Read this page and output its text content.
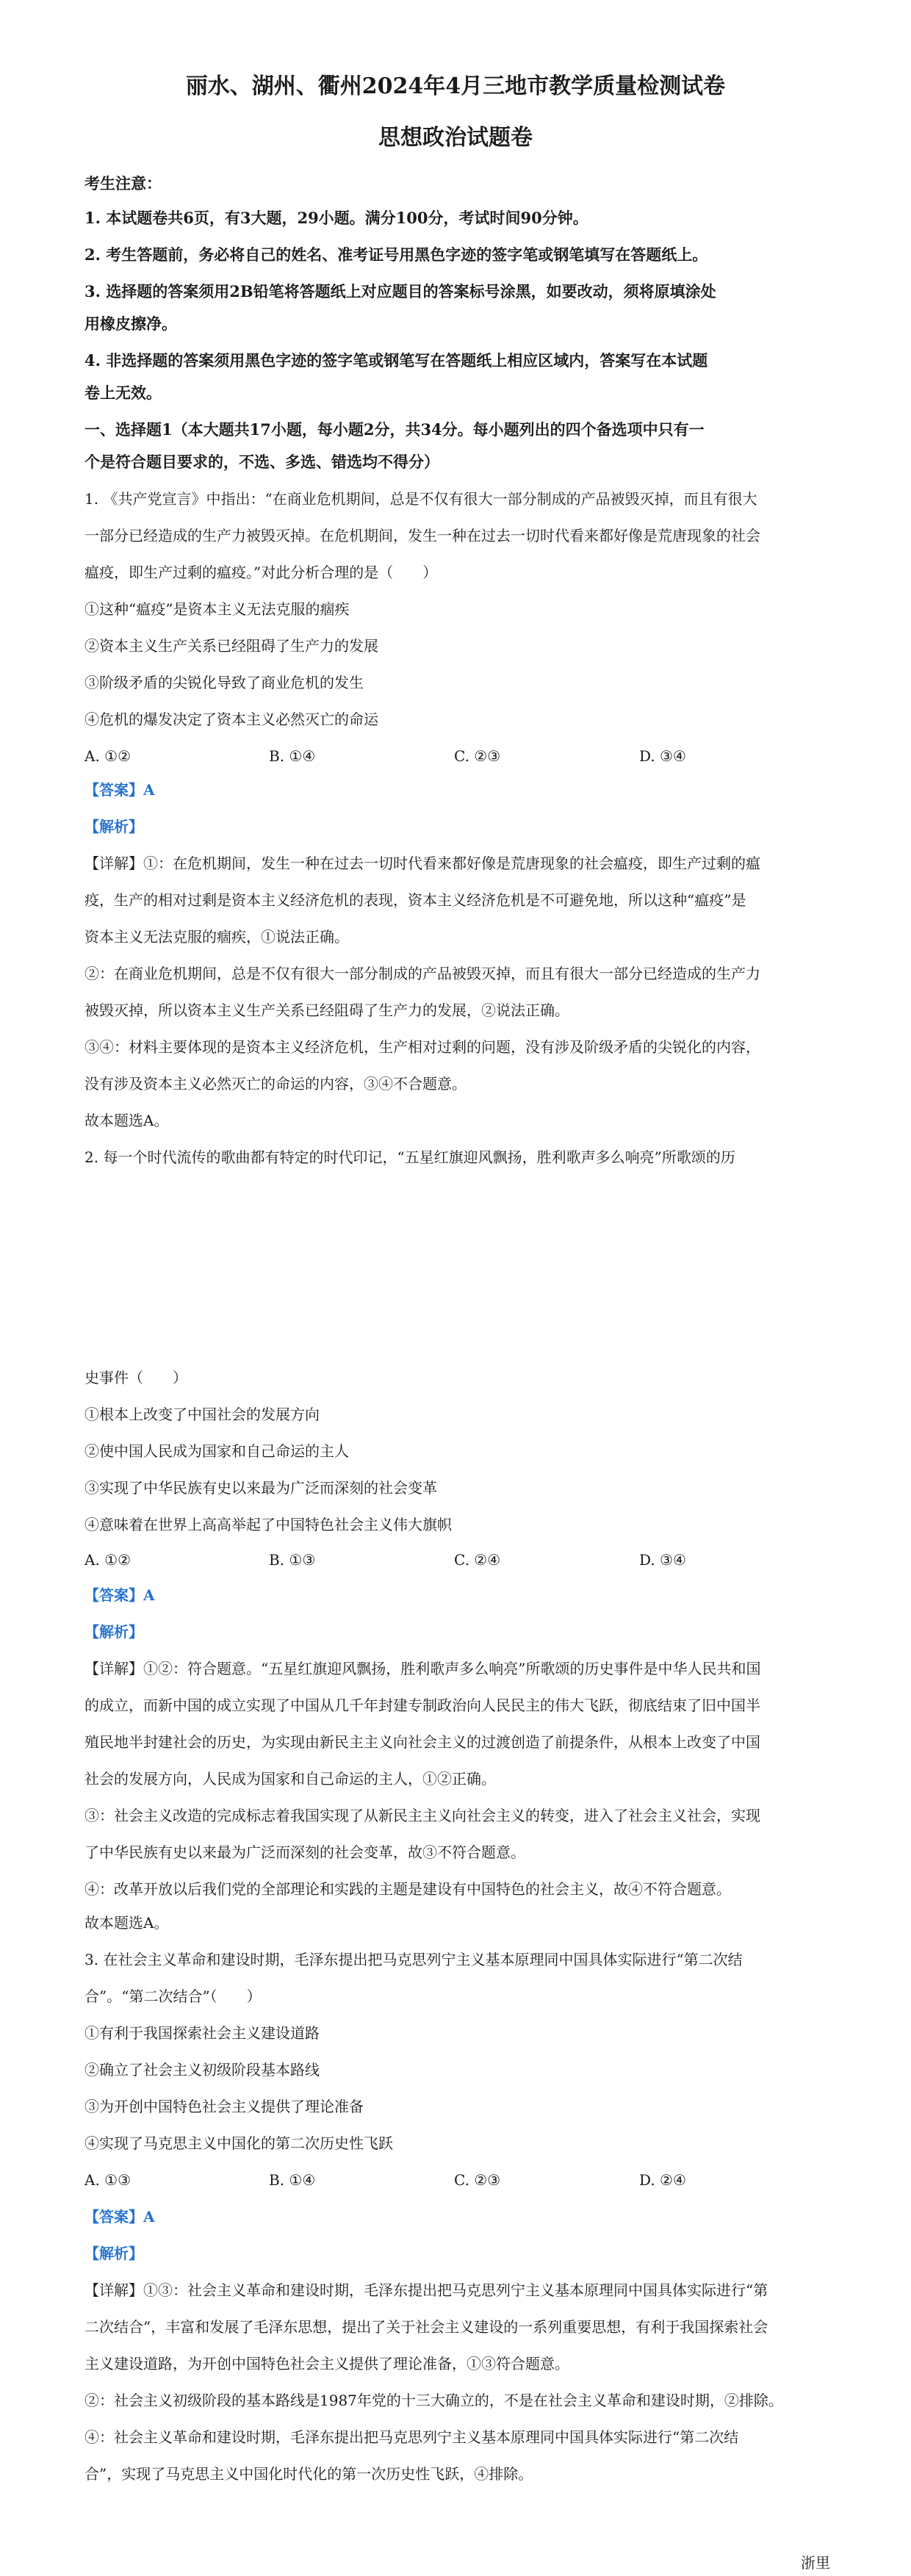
丽水、湖州、衢州2024年4月三地市教学质量检测试卷
思想政治试题卷
考生注意：
1. 本试题卷共6页，有3大题，29小题。满分100分，考试时间90分钟。
2. 考生答题前，务必将自己的姓名、准考证号用黑色字迹的签字笔或钢笔填写在答题纸上。
3. 选择题的答案须用2B铅笔将答题纸上对应题目的答案标号涂黑，如要改动，须将原填涂处
用橡皮擦净。
4. 非选择题的答案须用黑色字迹的签字笔或钢笔写在答题纸上相应区域内，答案写在本试题
卷上无效。
一、选择题1（本大题共17小题，每小题2分，共34分。每小题列出的四个备选项中只有一
个是符合题目要求的，不选、多选、错选均不得分）
1. 《共产党宣言》中指出：“在商业危机期间，总是不仅有很大一部分制成的产品被毁灭掉，而且有很大
一部分已经造成的生产力被毁灭掉。在危机期间，发生一种在过去一切时代看来都好像是荒唐现象的社会
瘟疫，即生产过剩的瘟疫。”对此分析合理的是（　　）
①这种“瘟疫”是资本主义无法克服的痼疾
②资本主义生产关系已经阻碍了生产力的发展
③阶级矛盾的尖锐化导致了商业危机的发生
④危机的爆发决定了资本主义必然灭亡的命运
A. ①②	B. ①④	C. ②③	D. ③④
【答案】A
【解析】
【详解】①：在危机期间，发生一种在过去一切时代看来都好像是荒唐现象的社会瘟疫，即生产过剩的瘟
疫，生产的相对过剩是资本主义经济危机的表现，资本主义经济危机是不可避免地，所以这种“瘟疫”是
资本主义无法克服的痼疾，①说法正确。
②：在商业危机期间，总是不仅有很大一部分制成的产品被毁灭掉，而且有很大一部分已经造成的生产力
被毁灭掉，所以资本主义生产关系已经阻碍了生产力的发展，②说法正确。
③④：材料主要体现的是资本主义经济危机，生产相对过剩的问题，没有涉及阶级矛盾的尖锐化的内容，
没有涉及资本主义必然灭亡的命运的内容，③④不合题意。
故本题选A。
2. 每一个时代流传的歌曲都有特定的时代印记，“五星红旗迎风飘扬，胜利歌声多么响亮”所歌颂的历
史事件（　　）
①根本上改变了中国社会的发展方向
②使中国人民成为国家和自己命运的主人
③实现了中华民族有史以来最为广泛而深刻的社会变革
④意味着在世界上高高举起了中国特色社会主义伟大旗帜
A. ①②	B. ①③	C. ②④	D. ③④
【答案】A
【解析】
【详解】①②：符合题意。“五星红旗迎风飘扬，胜利歌声多么响亮”所歌颂的历史事件是中华人民共和国
的成立，而新中国的成立实现了中国从几千年封建专制政治向人民民主的伟大飞跃，彻底结束了旧中国半
殖民地半封建社会的历史，为实现由新民主主义向社会主义的过渡创造了前提条件，从根本上改变了中国
社会的发展方向，人民成为国家和自己命运的主人，①②正确。
③：社会主义改造的完成标志着我国实现了从新民主主义向社会主义的转变，进入了社会主义社会，实现
了中华民族有史以来最为广泛而深刻的社会变革，故③不符合题意。
④：改革开放以后我们党的全部理论和实践的主题是建设有中国特色的社会主义，故④不符合题意。
故本题选A。
3. 在社会主义革命和建设时期，毛泽东提出把马克思列宁主义基本原理同中国具体实际进行“第二次结
合”。“第二次结合”（　　）
①有利于我国探索社会主义建设道路
②确立了社会主义初级阶段基本路线
③为开创中国特色社会主义提供了理论准备
④实现了马克思主义中国化的第二次历史性飞跃
A. ①③	B. ①④	C. ②③	D. ②④
【答案】A
【解析】
【详解】①③：社会主义革命和建设时期，毛泽东提出把马克思列宁主义基本原理同中国具体实际进行“第
二次结合”，丰富和发展了毛泽东思想，提出了关于社会主义建设的一系列重要思想，有利于我国探索社会
主义建设道路，为开创中国特色社会主义提供了理论准备，①③符合题意。
②：社会主义初级阶段的基本路线是1987年党的十三大确立的，不是在社会主义革命和建设时期，②排除。
④：社会主义革命和建设时期，毛泽东提出把马克思列宁主义基本原理同中国具体实际进行“第二次结
合”，实现了马克思主义中国化时代化的第一次历史性飞跃，④排除。
浙里
